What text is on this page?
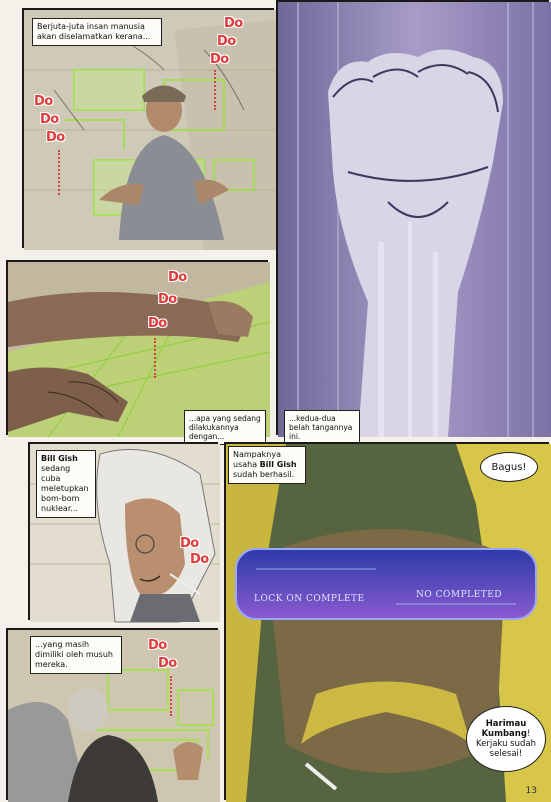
Berjuta-juta insan manusia akan diselamatkan kerana...
Do
Do
Do
Do
Do
Do
Do
Do
Do
...apa yang sedang dilakukannya dengan...
...kedua-dua belah tangannya ini.
Bill Gish sedang cuba meletupkan bom-bom nuklear...
Do
Do
...yang masih dimiliki oleh musuh mereka.
Do
Do
LOCK ON COMPLETE	NO COMPLETED
Nampaknya usaha Bill Gish sudah berhasil.
Bagus!
Harimau Kumbang! Kerjaku sudah selesai!
13
